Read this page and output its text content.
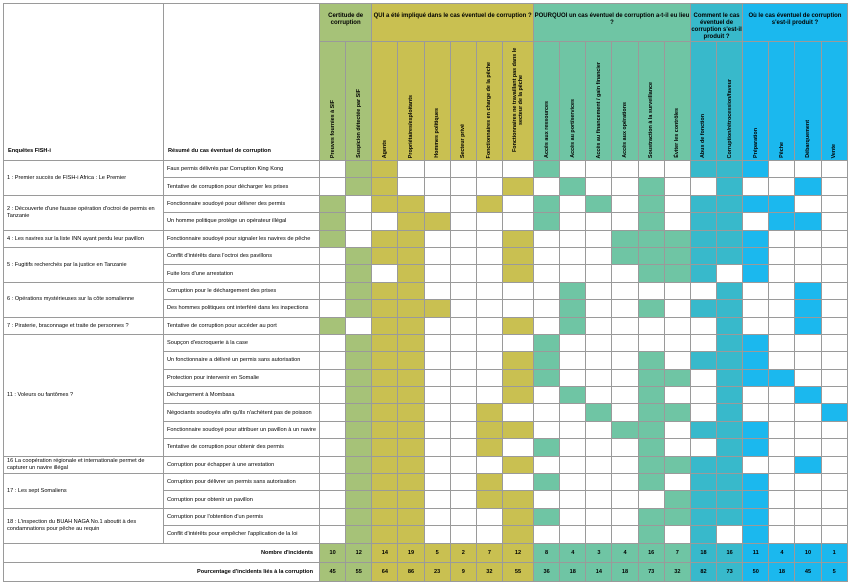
Enquêtes FISH-i	Résumé du cas éventuel de corruption	Certitude de corruption		QUI a été impliqué dans le cas éventuel de corruption ?						POURQUOI un cas éventuel de corruption a-t-il eu lieu ?						Comment le cas éventuel de corruption s'est-il produit ?		Où le cas éventuel de corruption s'est-il produit ?			

		Preuves fournies à SIF	Suspicion détectée par SIF	Agents	Propriétaires/exploitants	Hommes politiques	Secteur privé	Fonctionnaires en charge de la pêche	Fonctionnaires ne travaillant pas dans le secteur de la pêche	Accès aux ressources	Accès au port/services	Accès au financement / gain financier	Accès aux opérations	Soustraction à la surveillance	Éviter les contrôles	Abus de fonction	Corruption/rétrocession/faveur	Préparation	Pêche	Débarquement	Vente

1 : Premier succès de FISH-i Africa : Le Premier	Faux permis délivrés par Corruption King Kong																				
	Tentative de corruption pour décharger les prises																				
2 : Découverte d'une fausse opération d'octroi de permis en Tanzanie	Fonctionnaire soudoyé pour délivrer des permis																				
	Un homme politique protège un opérateur illégal																				
4 : Les navires sur la liste INN ayant perdu leur pavillon	Fonctionnaire soudoyé pour signaler les navires de pêche																				
5 : Fugitifs recherchés par la justice en Tanzanie	Conflit d'intérêts dans l'octroi des pavillons																				
	Fuite lors d'une arrestation																				
6 : Opérations mystérieuses sur la côte somalienne	Corruption pour le déchargement des prises																				
	Des hommes politiques ont interféré dans les inspections																				
7 : Piraterie, braconnage et traite de personnes ?	Tentative de corruption pour accéder au port																				
11 : Voleurs ou fantômes ?	Soupçon d'escroquerie à la case																				
	Un fonctionnaire a délivré un permis sans autorisation																				
	Protection pour intervenir en Somalie																				
	Déchargement à Mombasa																				
	Négociants soudoyés afin qu'ils n'achètent pas de poisson																				
	Fonctionnaire soudoyé pour attribuer un pavillon à un navire																				
	Tentative de corruption pour obtenir des permis																				
16 La coopération régionale et internationale permet de capturer un navire illégal	Corruption pour échapper à une arrestation																				
17 : Les sept Somaliens	Corruption pour délivrer un permis sans autorisation																				
	Corruption pour obtenir un pavillon																				
18 : L'inspection du BUAH NAGA No.1 aboutit à des condamnations pour pêche au requin	Corruption pour l'obtention d'un permis																				
	Conflit d'intérêts pour empêcher l'application de la loi																				
Nombre d'incidents		10	12	14	19	5	2	7	12	8	4	3	4	16	7	18	16	11	4	10	1
Pourcentage d'incidents liés à la corruption		45	55	64	86	23	9	32	55	36	18	14	18	73	32	82	73	50	18	45	5
